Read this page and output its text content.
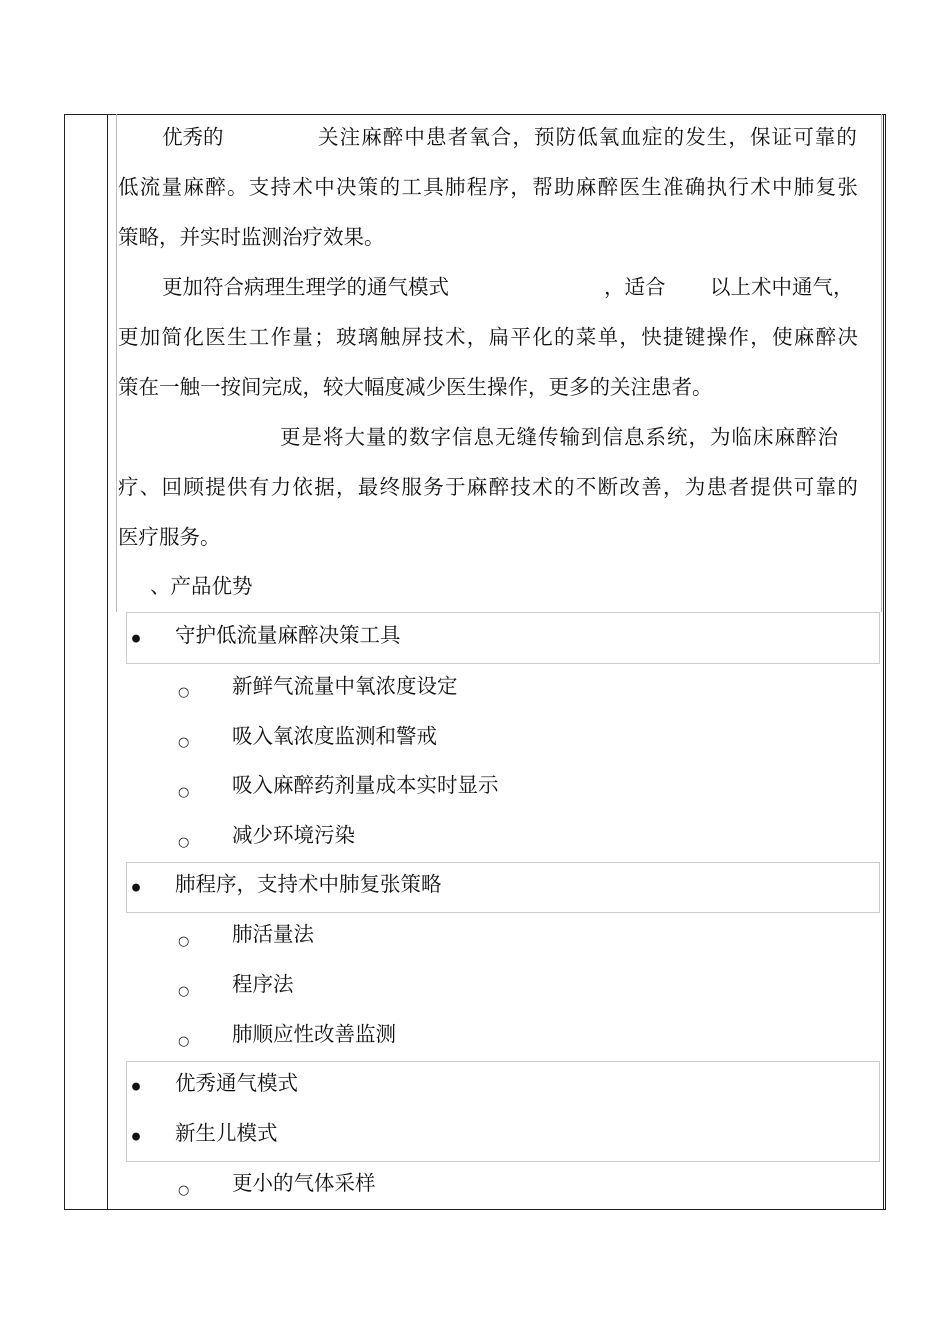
优秀的	关注麻醉中患者氧合，预防低氧血症的发生，保证可靠的
低流量麻醉。支持术中决策的工具肺程序，帮助麻醉医生准确执行术中肺复张
策略，并实时监测治疗效果。
更加符合病理生理学的通气模式	，适合 以上术中通气，
更加简化医生工作量；玻璃触屏技术，扁平化的菜单，快捷键操作，使麻醉决
策在一触一按间完成，较大幅度减少医生操作，更多的关注患者。
更是将大量的数字信息无缝传输到信息系统，为临床麻醉治
疗、回顾提供有力依据，最终服务于麻醉技术的不断改善，为患者提供可靠的
医疗服务。
、产品优势
• 守护低流量麻醉决策工具
○ 新鲜气流量中氧浓度设定
○ 吸入氧浓度监测和警戒
○ 吸入麻醉药剂量成本实时显示
○ 减少环境污染
• 肺程序，支持术中肺复张策略
○ 肺活量法
○ 程序法
○ 肺顺应性改善监测
• 优秀通气模式
• 新生儿模式
○ 更小的气体采样
